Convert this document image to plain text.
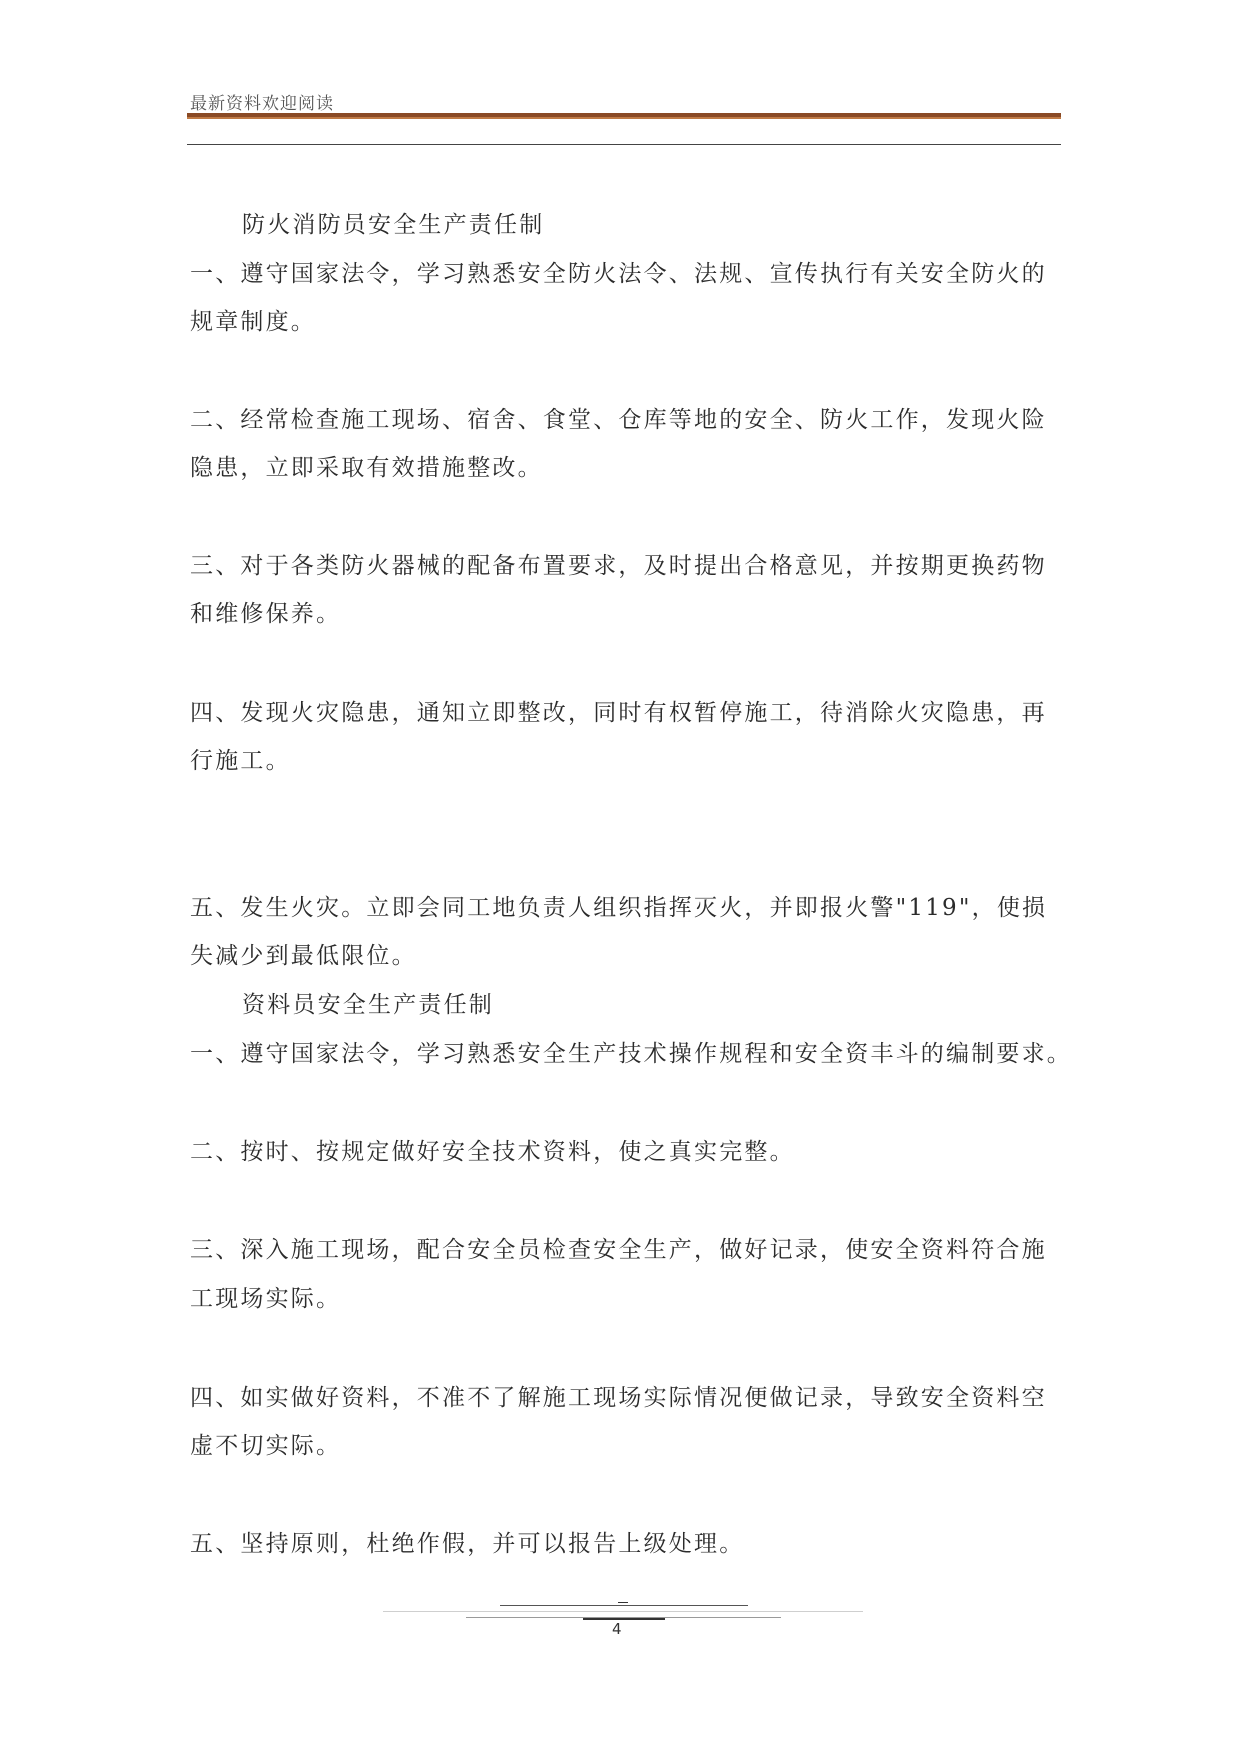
最新资料欢迎阅读
防火消防员安全生产责任制
一、遵守国家法令，学习熟悉安全防火法令、法规、宣传执行有关安全防火的
规章制度。
二、经常检查施工现场、宿舍、食堂、仓库等地的安全、防火工作，发现火险
隐患，立即采取有效措施整改。
三、对于各类防火器械的配备布置要求，及时提出合格意见，并按期更换药物
和维修保养。
四、发现火灾隐患，通知立即整改，同时有权暂停施工，待消除火灾隐患，再
行施工。
五、发生火灾。立即会同工地负责人组织指挥灭火，并即报火警"119"，使损
失减少到最低限位。
资料员安全生产责任制
一、遵守国家法令，学习熟悉安全生产技术操作规程和安全资丰斗的编制要求。
二、按时、按规定做好安全技术资料，使之真实完整。
三、深入施工现场，配合安全员检查安全生产，做好记录，使安全资料符合施
工现场实际。
四、如实做好资料，不准不了解施工现场实际情况便做记录，导致安全资料空
虚不切实际。
五、坚持原则，杜绝作假，并可以报告上级处理。
4
